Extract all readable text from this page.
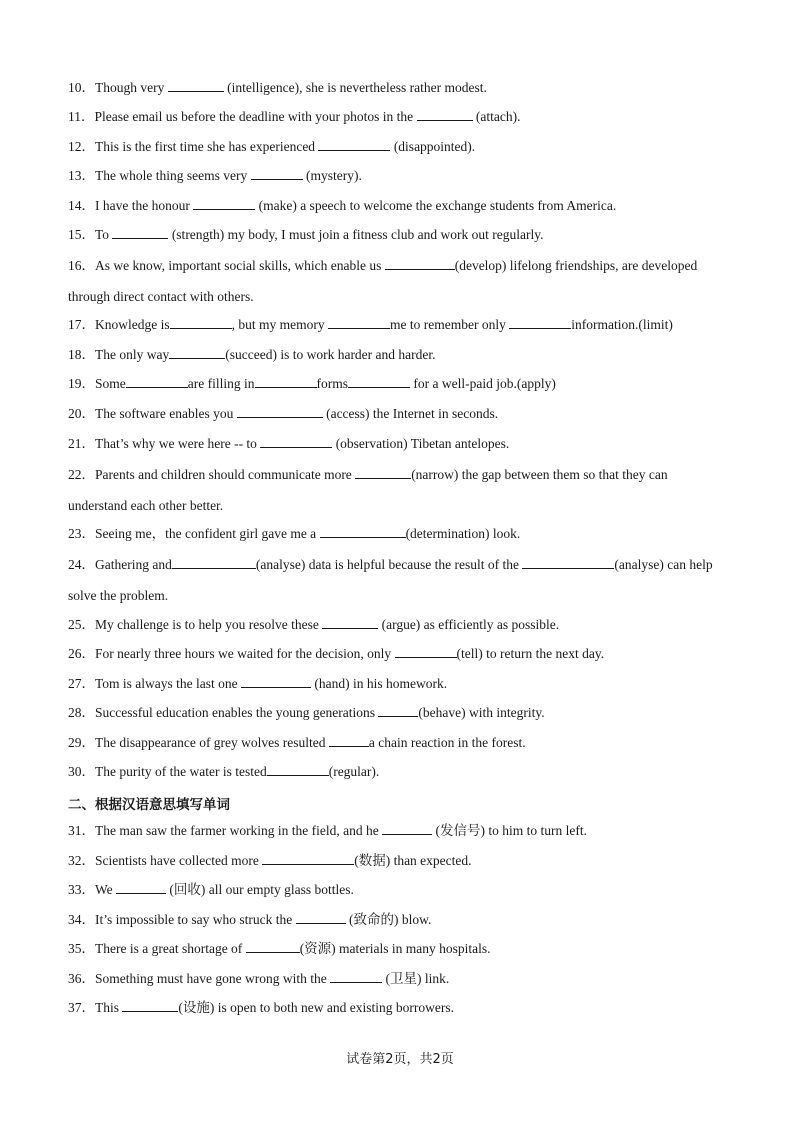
10．Though very	(intelligence), she is nevertheless rather modest.
11．Please email us before the deadline with your photos in the	(attach).
12．This is the first time she has experienced	(disappointed).
13．The whole thing seems very	(mystery).
14．I have the honour	(make) a speech to welcome the exchange students from America.
15．To	(strength) my body, I must join a fitness club and work out regularly.
16．As we know, important social skills, which enable us	(develop) lifelong friendships, are developed through direct contact with others.
17．Knowledge is	, but my memory	me to remember only	information.(limit)
18．The only way	(succeed) is to work harder and harder.
19．Some	are filling in	forms	for a well-paid job.(apply)
20．The software enables you	(access) the Internet in seconds.
21．That’s why we were here -- to	(observation) Tibetan antelopes.
22．Parents and children should communicate more	(narrow) the gap between them so that they can understand each other better.
23．Seeing me，the confident girl gave me a	(determination) look.
24．Gathering and	(analyse) data is helpful because the result of the	(analyse) can help solve the problem.
25．My challenge is to help you resolve these	(argue) as efficiently as possible.
26．For nearly three hours we waited for the decision, only	(tell) to return the next day.
27．Tom is always the last one	(hand) in his homework.
28．Successful education enables the young generations	(behave) with integrity.
29．The disappearance of grey wolves resulted	a chain reaction in the forest.
30．The purity of the water is tested	(regular).
二、根据汉语意思填写单词
31．The man saw the farmer working in the field, and he	(发信号) to him to turn left.
32．Scientists have collected more	(数据) than expected.
33．We	(回收) all our empty glass bottles.
34．It’s impossible to say who struck the	(致命的) blow.
35．There is a great shortage of	(资源) materials in many hospitals.
36．Something must have gone wrong with the	(卫星) link.
37．This	(设施) is open to both new and existing borrowers.
试卷第2页，共2页
